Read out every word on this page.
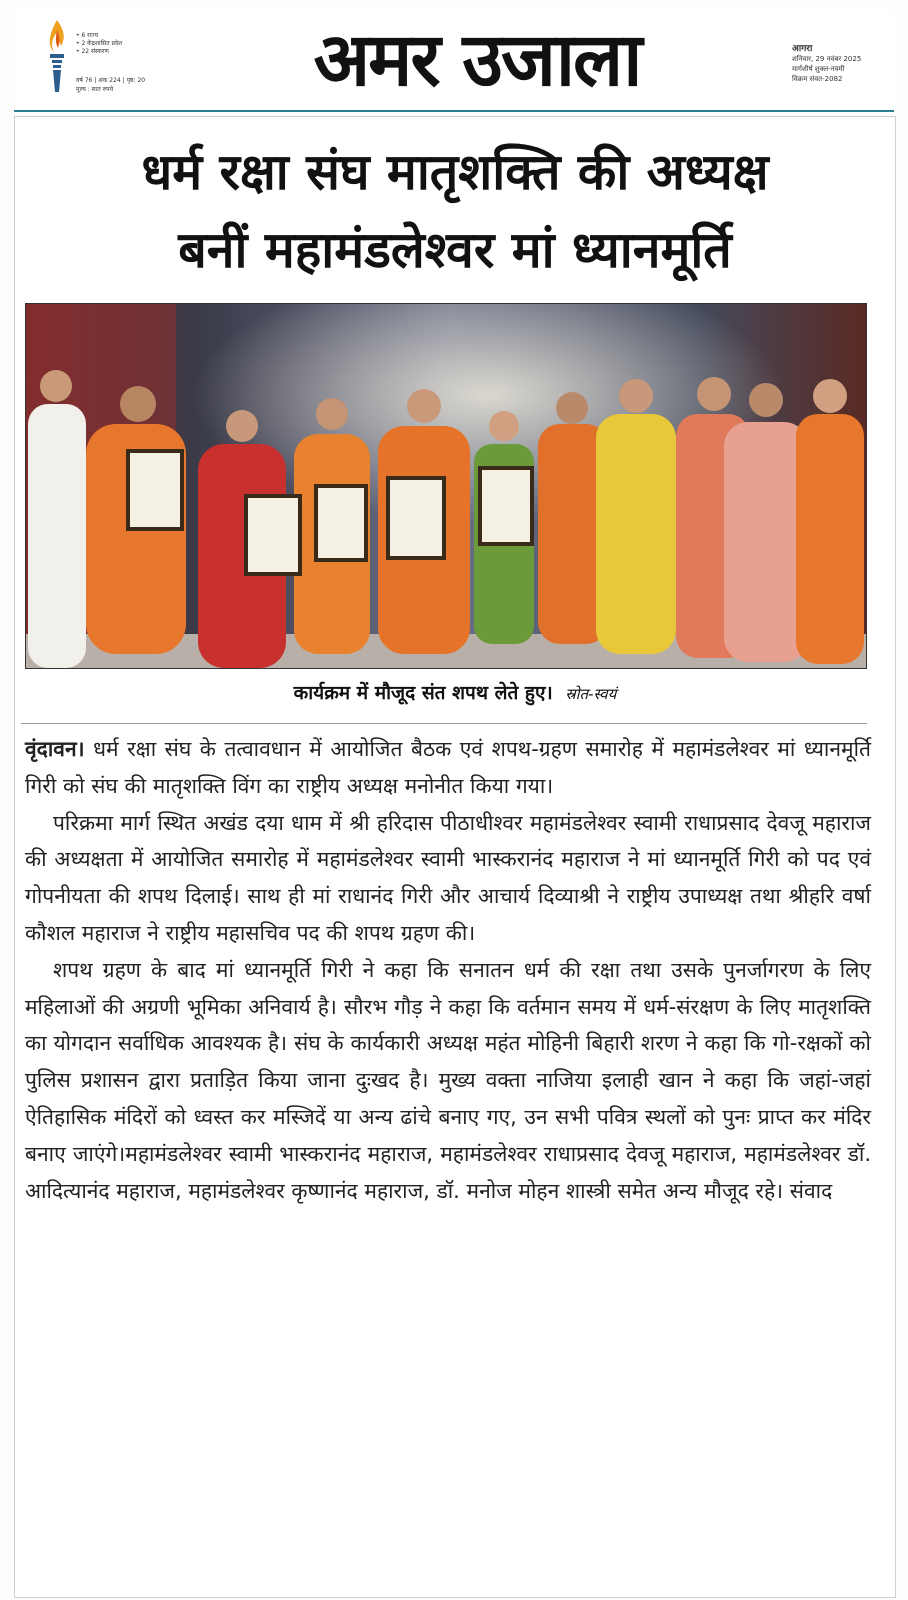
• 6 राज्य
• 2 केंद्रशासित प्रदेश
• 22 संस्करण
वर्ष 76 | अंक 224 | पृष्ठ: 20
मूल्य : सात रुपये	अमर उजाला	आगरा
शनिवार, 29 नवंबर 2025
मार्गशीर्ष शुक्ल-नवमी
विक्रम संवत-2082
धर्म रक्षा संघ मातृशक्ति की अध्यक्ष
बनीं महामंडलेश्वर मां ध्यानमूर्ति
कार्यक्रम में मौजूद संत शपथ लेते हुए। स्रोत-स्वयं

वृंदावन। धर्म रक्षा संघ के तत्वावधान में आयोजित बैठक एवं शपथ-ग्रहण समारोह में महामंडलेश्वर मां ध्यानमूर्ति गिरी को संघ की मातृशक्ति विंग का राष्ट्रीय अध्यक्ष मनोनीत किया गया।

परिक्रमा मार्ग स्थित अखंड दया धाम में श्री हरिदास पीठाधीश्वर महामंडलेश्वर स्वामी राधाप्रसाद देवजू महाराज की अध्यक्षता में आयोजित समारोह में महामंडलेश्वर स्वामी भास्करानंद महाराज ने मां ध्यानमूर्ति गिरी को पद एवं गोपनीयता की शपथ दिलाई। साथ ही मां राधानंद गिरी और आचार्य दिव्याश्री ने राष्ट्रीय उपाध्यक्ष तथा श्रीहरि वर्षा कौशल महाराज ने राष्ट्रीय महासचिव पद की शपथ ग्रहण की।

शपथ ग्रहण के बाद मां ध्यानमूर्ति गिरी ने कहा कि सनातन धर्म की रक्षा तथा उसके पुनर्जागरण के लिए महिलाओं की अग्रणी भूमिका अनिवार्य है। सौरभ गौड़ ने कहा कि वर्तमान समय में धर्म-संरक्षण के लिए मातृशक्ति का योगदान सर्वाधिक आवश्यक है। संघ के कार्यकारी अध्यक्ष महंत मोहिनी बिहारी शरण ने कहा कि गो-रक्षकों को पुलिस प्रशासन द्वारा प्रताड़ित किया जाना दुःखद है। मुख्य वक्ता नाजिया इलाही खान ने कहा कि जहां-जहां ऐतिहासिक मंदिरों को ध्वस्त कर मस्जिदें या अन्य ढांचे बनाए गए, उन सभी पवित्र स्थलों को पुनः प्राप्त कर मंदिर बनाए जाएंगे।महामंडलेश्वर स्वामी भास्करानंद महाराज, महामंडलेश्वर राधाप्रसाद देवजू महाराज, महामंडलेश्वर डॉ. आदित्यानंद महाराज, महामंडलेश्वर कृष्णानंद महाराज, डॉ. मनोज मोहन शास्त्री समेत अन्य मौजूद रहे। संवाद
